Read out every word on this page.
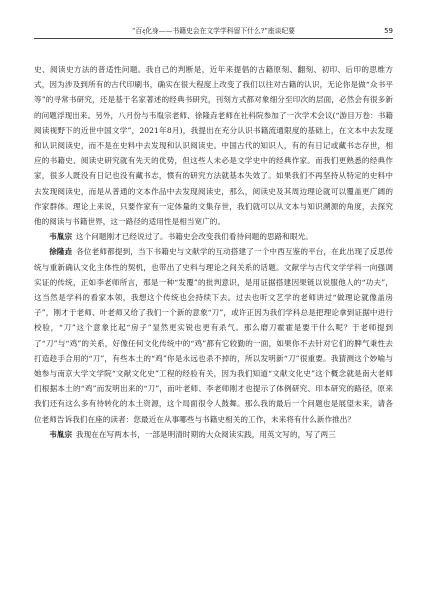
“百ද化身——书籍史会在文学学科留下什么?”座谈纪要	59

史、阅读史方法的普适性问题。我自己的判断是，近年来提倡的古籍原刻、翻刻、初印、后印的思维方式，因为涉及到所有的古代印刷书，确实在很大程度上改变了我们以往对古籍的认识，无论你是做“众书平等”的寻常书研究，还是基于名家著述的经典书研究，刊刻方式都对象细分至印次的层面，必然会有很多新的问题浮现出来。另外，八月份与韦胤宗老师、徐隆垚老师在社科院参加了一次学术会议(“游目万卷：书籍阅读视野下的近世中国文学”，2021年8月)，我提出在充分认识书籍流通限度的基础上，在文本中去发现和认识阅读史，而不是在史料中去发现和认识阅读史。中国古代的知识人，有的有日记或藏书志存世，相应的书籍史、阅读史研究就有先天的优势，但这些人未必是文学史中的经典作家。而我们更熟悉的经典作家，很多人既没有日记也没有藏书志，惯有的研究方法就基本失效了。如果我们不再坚持从特定的史料中去发现阅读史，而是从普通的文本作品中去发现阅读史，那么，阅读史及其周边理论就可以覆盖更广阔的作家群体。理论上来说，只要作家有一定体量的文集存世，我们就可以从文本与知识溯源的角度，去探究他的阅读与书籍世界，这一路径的适用性是相当宽广的。

韦胤宗 这个问题刚才已经说过了。书籍史会改变我们看待问题的思路和眼光。

徐隆垚 各位老师都提到，当下书籍史与文献学的互动搭建了一个中西互鉴的平台，在此出现了反思传统与重新确认文化主体性的契机，也带出了史料与理论之间关系的话题。文献学与古代文学学科一向强调实证的传统，正如李老师所言，那是一种“发覆”的批判意识，是用证据搭建因果链以说服他人的“功夫”，这当然是学科的看家本领，我想这个传统也会持续下去。过去也听文艺学的老师讲过“做理论就像盖房子”，刚才于老师、叶老师又给了我们一个新的意象“刀”，或许正因为我们学科总是把理论拿到证据中进行校验，“刀”这个意象比起“房子”显然更实锐也更有杀气。那么磨刀霍霍是要干什么呢？于老师提到了“刀”与“鸡”的关系，好像任何文化传统中的“鸡”都有它较勤的一面，如果你不去针对它们的脾气秉性去打造趁手合用的“刀”，有些本土的“鸡”你是永远也杀不掉的，所以发明新“刀”很重要。我猜测这个妙喻与她参与南京大学文学院“文献文化史”工程的经验有关，因为我们知道“文献文化史”这个概念就是南大老师们根据本土的“鸡”而发明出来的“刀”，而叶老师、李老师刚才也提示了体例研究、印本研究的路径，原来我们还有这么多有待转化的本土资源，这个局面很令人鼓舞。那么我的最后一个问题也是展望未来，请各位老师告诉我们在座的读者：您最近在从事哪些与书籍史相关的工作，未来将有什么新作推出？

韦胤宗 我现在在写两本书，一部是明清时期的大众阅读实践，用英文写的，写了两三
